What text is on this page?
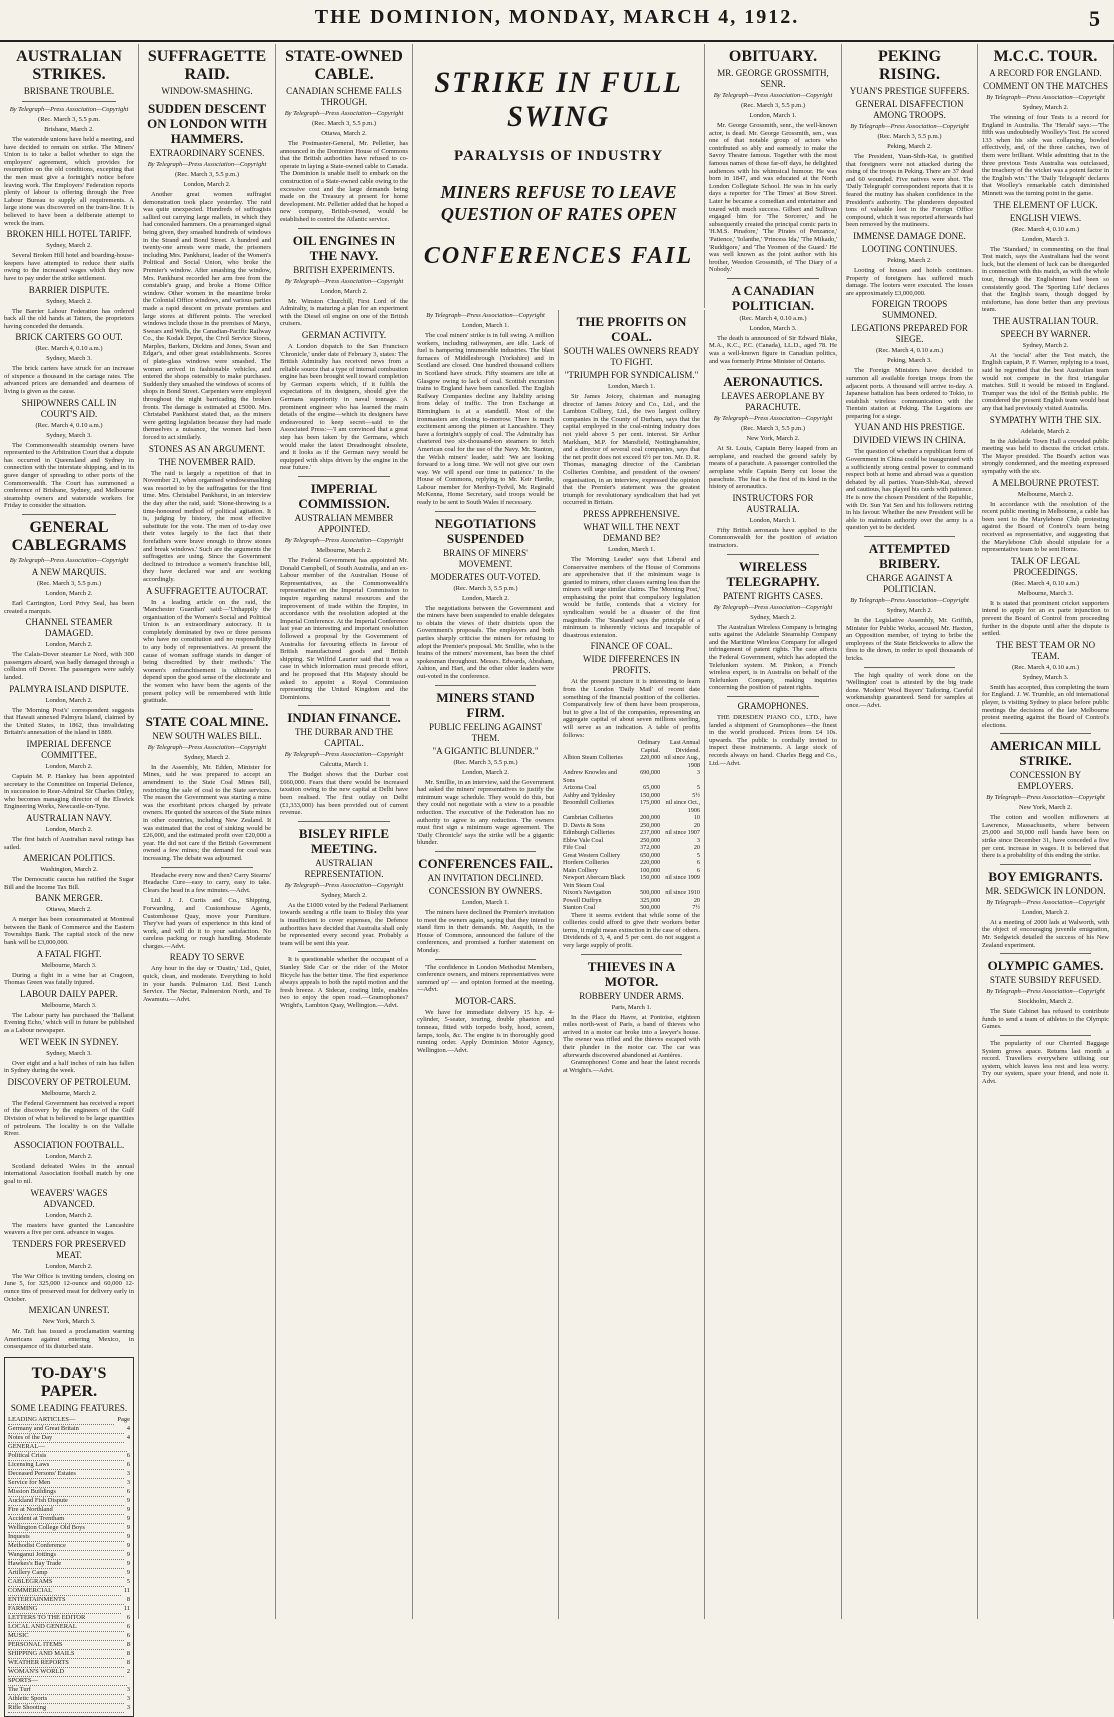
THE DOMINION, MONDAY, MARCH 4, 1912.	5
AUSTRALIAN STRIKES.
BRISBANE TROUBLE.
By Telegraph—Press Association—Copyright
(Rec. March 3, 5.5 p.m.
Brisbane, March 2.

The waterside unions have held a meeting, and have decided to remain on strike. The Miners' Union is to take a ballot whether to sign the employers' agreement, which provides for resumption on the old conditions, excepting that the men must give a fortnight's notice before leaving work. The Employers' Federation reports plenty of labour is offering through the Free Labour Bureau to supply all requirements. A large stone was discovered on the tram-line. It is believed to have been a deliberate attempt to wreck the tram.

BROKEN HILL HOTEL TARIFF.
Sydney, March 2.

Several Broken Hill hotel and boarding-house-keepers have attempted to reduce their staffs owing to the increased wages which they now have to pay under the strike settlement.

BARRIER DISPUTE.
Sydney, March 2.

The Barrier Labour Federation has ordered back all the old hands at Tatters, the proprietors having conceded the demands.

BRICK CARTERS GO OUT.
(Rec. March 4, 0.10 a.m.)
Sydney, March 3.

The brick carters have struck for an increase of sixpence a thousand in the cartage rates. The advanced prices are demanded and dearness of living is given as the cause.

SHIPOWNERS CALL IN COURT'S AID.
(Rec. March 4, 0.10 a.m.)
Sydney, March 3.

The Commonwealth steamship owners have represented to the Arbitration Court that a dispute has occurred in Queensland and Sydney in connection with the interstate shipping, and in its grave danger of spreading to other ports of the Commonwealth. The Court has summoned a conference of Brisbane, Sydney, and Melbourne steamship owners and waterside workers for Friday to consider the situation.

GENERAL CABLEGRAMS
By Telegraph—Press Association—Copyright
A NEW MARQUIS.
(Rec. March 3, 5.5 p.m.)
London, March 2.

Earl Carrington, Lord Privy Seal, has been created a marquis.

CHANNEL STEAMER DAMAGED.
London, March 2.

The Calais-Dover steamer Le Nord, with 300 passengers aboard, was badly damaged through a collision off Dover. The passengers were safely landed.

PALMYRA ISLAND DISPUTE.
London, March 2.

The 'Morning Post's' correspondent suggests that Hawaii annexed Palmyra Island, claimed by the United States, in 1862, thus invalidating Britain's annexation of the island in 1889.

IMPERIAL DEFENCE COMMITTEE.
London, March 2.

Captain M. P. Hankey has been appointed secretary to the Committee on Imperial Defence, in succession to Rear-Admiral Sir Charles Ottley, who becomes managing director of the Elswick Engineering Works, Newcastle-on-Tyne.

AUSTRALIAN NAVY.
London, March 2.

The first batch of Australian naval ratings has sailed.

AMERICAN POLITICS.
Washington, March 2.

The Democratic caucus has ratified the Sugar Bill and the Income Tax Bill.

BANK MERGER.
Ottawa, March 2.

A merger has been consummated at Montreal between the Bank of Commerce and the Eastern Townships Bank. The capital stock of the new bank will be £3,000,000.

A FATAL FIGHT.
Melbourne, March 3.

During a fight in a wine bar at Cragoon, Thomas Green was fatally injured.

LABOUR DAILY PAPER.
Melbourne, March 3.

The Labour party has purchased the 'Ballarat Evening Echo,' which will in future be published as a Labour newspaper.

WET WEEK IN SYDNEY.
Sydney, March 3.

Over eight and a half inches of rain has fallen in Sydney during the week.

DISCOVERY OF PETROLEUM.
Melbourne, March 2.

The Federal Government has received a report of the discovery by the engineers of the Gulf Division of what is believed to be large quantities of petroleum. The locality is on the Vallalie River.

ASSOCIATION FOOTBALL.
London, March 2.

Scotland defeated Wales in the annual international Association football match by one goal to nil.

WEAVERS' WAGES ADVANCED.
London, March 2.

The masters have granted the Lancashire weavers a five per cent. advance in wages.

TENDERS FOR PRESERVED MEAT.
London, March 2.

The War Office is inviting tenders, closing on June 5, for 325,000 12-ounce and 60,000 12-ounce tins of preserved meat for delivery early in October.

MEXICAN UNREST.
New York, March 3.

Mr. Taft has issued a proclamation warning Americans against entering Mexico, in consequence of its disturbed state.

TO-DAY'S PAPER.
SOME LEADING FEATURES.
LEADING ARTICLES—	Page
Germany and Great Britain	4
Notes of the Day	4
GENERAL—
Political Crisis	6
Licensing Laws	6
Deceased Persons' Estates	3
Service for Men	3
Mission Buildings	6
Auckland Fish Dispute	9
Fire at Northland	9
Accident at Trentham	9
Wellington College Old Boys	9
Inquests	9
Methodist Conference	9
Wanganui Jottings	9
Hawkes's Bay Trade	9
Artillery Camp	9
CABLEGRAMS	5
COMMERCIAL	11
ENTERTAINMENTS	8
FARMING	11
LETTERS TO THE EDITOR	6
LOCAL AND GENERAL	6
MUSIC	6
PERSONAL ITEMS	8
SHIPPING AND MAILS	8
WEATHER REPORTS	8
WOMAN'S WORLD	2
SPORTS—
The Turf	3
Athletic Sports	3
Rifle Shooting	3
SUFFRAGETTE RAID.
WINDOW-SMASHING.
SUDDEN DESCENT ON LONDON WITH HAMMERS.
EXTRAORDINARY SCENES.
By Telegraph—Press Association—Copyright
(Rec. March 3, 5.5 p.m.)
London, March 2.

Another great women suffragist demonstration took place yesterday. The raid was quite unexpected. Hundreds of suffragists sallied out carrying large mallets, in which they had concealed hammers. On a prearranged signal being given, they smashed hundreds of windows in the Strand and Bond Street. A hundred and twenty-one arrests were made, the prisoners including Mrs. Pankhurst, leader of the Women's Political and Social Union, who broke the Premier's window. After smashing the window, Mrs. Pankhurst recorded her arm free from the constable's grasp, and broke a Home Office window. Other women in the meantime broke the Colonial Office windows, and various parties made a rapid descent on private premises and large stores at different points. The wrecked windows include those in the premises of Marys, Swears and Wells, the Canadian-Pacific Railway Co., the Kodak Depot, the Civil Service Stores, Marples, Barkers, Dickins and Jones, Swan and Edgar's, and other great establishments. Scores of plate-glass windows were smashed. The women arrived in fashionable vehicles, and entered the shops ostensibly to make purchases. Suddenly they smashed the windows of scores of shops in Bond Street. Carpenters were employed throughout the night barricading the broken fronts. The damage is estimated at £5000. Mrs. Christabel Pankhurst stated that, as the miners were getting legislation because they had made themselves a nuisance, the women had been forced to act similarly.

STONES AS AN ARGUMENT.
THE NOVEMBER RAID.

The raid is largely a repetition of that in November 21, when organised windowsmashing was resorted to by the suffragettes for the first time. Mrs. Christabel Pankhurst, in an interview the day after the raid, said: 'Stone-throwing is a time-honoured method of political agitation. It is, judging by history, the most effective substitute for the vote. The men of to-day owe their votes largely to the fact that their forefathers were brave enough to throw stones and break windows.' Such are the arguments the suffragettes are using. Since the Government declined to introduce a women's franchise bill, they have declared war and are working accordingly.

A SUFFRAGETTE AUTOCRAT.

In a leading article on the raid, the 'Manchester Guardian' said:—'Unhappily the organisation of the Women's Social and Political Union is an extraordinary autocracy. It is completely dominated by two or three persons who have no constitution and no responsibility to any body of representatives. At present the cause of woman suffrage stands in danger of being discredited by their methods.' The women's enfranchisement is ultimately to depend upon the good sense of the electorate and the women who have been the agents of the present policy will be remembered with little gratitude.

STATE COAL MINE.
NEW SOUTH WALES BILL.
By Telegraph—Press Association—Copyright
Sydney, March 2.

In the Assembly, Mr. Edden, Minister for Mines, said he was prepared to accept an amendment to the State Coal Mines Bill, restricting the sale of coal to the State services. The reason the Government was starting a mine was the exorbitant prices charged by private owners. He quoted the sources of the State mines in other countries, including New Zealand. It was estimated that the cost of sinking would be £26,000, and the estimated profit over £20,000 a year. He did not care if the British Government owned a few mines; the demand for coal was increasing. The debate was adjourned.

Headache every now and then? Carry Stearns' Headache Cure—easy to carry, easy to take. Clears the head in a few minutes.—Advt.

Ltd. J. J. Curtis and Co., Shipping, Forwarding, and Customhouse Agents, Customhouse Quay, move your Furniture. They've had years of experience in this kind of work, and will do it to your satisfaction. No careless packing or rough handling. Moderate charges.—Advt.

READY TO SERVE

Any hour in the day or 'Dustin,' Ltd., Quiet, quick, clean, and moderate. Everything to hold in your hands. Pulmaron Ltd. Best Lunch Service. The Nectar, Palmerston North, and Te Awamutu.—Advt.

STATE-OWNED CABLE.
CANADIAN SCHEME FALLS THROUGH.
By Telegraph—Press Association—Copyright
(Rec. March 3, 5.5 p.m.)
Ottawa, March 2.

The Postmaster-General, Mr. Pelletier, has announced in the Dominion House of Commons that the British authorities have refused to co-operate in laying a State-owned cable to Canada. The Dominion is unable itself to embark on the construction of a State-owned cable owing to the excessive cost and the large demands being made on the Treasury at present for home development. Mr. Pelletier added that he hoped a new company, British-owned, would be established to control the Atlantic service.

OIL ENGINES IN THE NAVY.
BRITISH EXPERIMENTS.
By Telegraph—Press Association—Copyright
London, March 2.

Mr. Winston Churchill, First Lord of the Admiralty, is maturing a plan for an experiment with the Diesel oil engine on one of the British cruisers.

GERMAN ACTIVITY.

A London dispatch to the San Francisco 'Chronicle,' under date of February 3, states: The British Admiralty has received news from a reliable source that a type of internal combustion engine has been brought well toward completion by German experts which, if it fulfils the expectations of its designers, should give the Germans superiority in naval tonnage. A prominent engineer who has learned the main details of the engine—which its designers have endeavoured to keep secret—said to the Associated Press:—'I am convinced that a great step has been taken by the Germans, which would make the latest Dreadnought obsolete, and it looks as if the German navy would be equipped with ships driven by the engine in the near future.'

IMPERIAL COMMISSION.
AUSTRALIAN MEMBER APPOINTED.
By Telegraph—Press Association—Copyright
Melbourne, March 2.

The Federal Government has appointed Mr. Donald Campbell, of South Australia, and an ex-Labour member of the Australian House of Representatives, as the Commonwealth's representative on the Imperial Commission to inquire regarding natural resources and the improvement of trade within the Empire, in accordance with the resolution adopted at the Imperial Conference. At the Imperial Conference last year an interesting and important resolution followed a proposal by the Government of Australia for favouring effects in favour of British manufactured goods and British shipping. Sir Wilfrid Laurier said that it was a case in which information must precede effort, and he proposed that His Majesty should be asked to appoint a Royal Commission representing the United Kingdom and the Dominions.

INDIAN FINANCE.
THE DURBAR AND THE CAPITAL.
By Telegraph—Press Association—Copyright
Calcutta, March 1.

The Budget shows that the Durbar cost £660,000. Fears that there would be increased taxation owing to the new capital at Delhi have been realised. The first outlay on Delhi (£1,333,000) has been provided out of current revenue.

BISLEY RIFLE MEETING.
AUSTRALIAN REPRESENTATION.
By Telegraph—Press Association—Copyright
Sydney, March 2.

As the £1000 voted by the Federal Parliament towards sending a rifle team to Bisley this year is insufficient to cover expenses, the Defence authorities have decided that Australia shall only be represented every second year. Probably a team will be sent this year.

It is questionable whether the occupant of a Stanley Side Car or the rider of the Motor Bicycle has the better time. The first experience always appeals to both the rapid motion and the fresh breeze. A Sidecar, costing little, enables two to enjoy the open road.—Gramophones? Wright's, Lambton Quay, Wellington.—Advt.

STRIKE IN FULL SWING
PARALYSIS OF INDUSTRY
MINERS REFUSE TO LEAVE QUESTION OF RATES OPEN
CONFERENCES FAIL
By Telegraph—Press Association—Copyright
London, March 1.

The coal miners' strike is in full swing. A million workers, including railwaymen, are idle. Lack of fuel is hampering innumerable industries. The blast furnaces of Middlesbrough (Yorkshire) and in Scotland are closed. One hundred thousand colliers in Scotland have struck. Fifty steamers are idle at Glasgow owing to lack of coal. Scottish excursion trains to England have been cancelled. The English Railway Companies decline any liability arising from delay of traffic. The Iron Exchange at Birmingham is at a standstill. Most of the ironmasters are closing to-morrow. There is much excitement among the pitmen at Lancashire. They have a fortnight's supply of coal. The Admiralty has chartered two six-thousand-ton steamers to fetch American coal for the use of the Navy. Mr. Stanton, the Welsh miners' leader, said: 'We are looking forward to a long time. We will not give our own way. We will spend our time in patience.' In the House of Commons, replying to Mr. Keir Hardie, Labour member for Merthyr-Tydvil, Mr. Reginald McKenna, Home Secretary, said troops would be ready to be sent to South Wales if necessary.

NEGOTIATIONS SUSPENDED
BRAINS OF MINERS' MOVEMENT.
MODERATES OUT-VOTED.
(Rec. March 3, 5.5 p.m.)
London, March 2.

The negotiations between the Government and the miners have been suspended to enable delegates to obtain the views of their districts upon the Government's proposals. The employers and both parties sharply criticise the miners for refusing to adopt the Premier's proposal. Mr. Smillie, who is the brains of the miners' movement, has been the chief spokesman throughout. Messrs. Edwards, Abraham, Ashton, and Hart, and the other older leaders were out-voted in the conference.

MINERS STAND FIRM.
PUBLIC FEELING AGAINST THEM.
"A GIGANTIC BLUNDER."
(Rec. March 3, 5.5 p.m.)
London, March 2.

Mr. Smillie, in an interview, said the Government had asked the miners' representatives to justify the minimum wage schedule. They would do this, but they could not negotiate with a view to a possible reduction. The executive of the Federation has no authority to agree to any reduction. The owners must first sign a minimum wage agreement. The 'Daily Chronicle' says the strike will be a gigantic blunder.

CONFERENCES FAIL.
AN INVITATION DECLINED.
CONCESSION BY OWNERS.
London, March 1.

The miners have declined the Premier's invitation to meet the owners again, saying that they intend to stand firm in their demands. Mr. Asquith, in the House of Commons, announced the failure of the conferences, and promised a further statement on Monday.

'The confidence in London Methodist Members, conference owners, and miners representatives were summed up' — and opinion formed at the meeting.—Advt.

MOTOR-CARS.

We have for immediate delivery 15 h.p. 4-cylinder, 5-seater, touring, double phaeton and tonneau, fitted with torpedo body, hood, screen, lamps, tools, &c. The engine is in thoroughly good running order. Apply Dominion Motor Agency, Wellington.—Advt.

THE PROFITS ON COAL.
SOUTH WALES OWNERS READY TO FIGHT.
"TRIUMPH FOR SYNDICALISM."
London, March 1.

Sir James Joicey, chairman and managing director of James Joicey and Co., Ltd., and the Lambton Colliery, Ltd., the two largest colliery companies in the County of Durham, says that the capital employed in the coal-mining industry does not yield above 5 per cent. interest. Sir Arthur Markham, M.P. for Mansfield, Nottinghamshire, and a director of several coal companies, says that the net profit does not exceed 6½ per ton. Mr. D. R. Thomas, managing director of the Cambrian Collieries Combine, and president of the owners' organisation, in an interview, expressed the opinion that the Premier's statement was the greatest triumph for revolutionary syndicalism that had yet occurred in Britain.

PRESS APPREHENSIVE.
WHAT WILL THE NEXT DEMAND BE?
London, March 1.

The 'Morning Leader' says that Liberal and Conservative members of the House of Commons are apprehensive that if the minimum wage is granted to miners, other classes earning less than the miners will urge similar claims. The 'Morning Post,' emphasising the point that compulsory legislation would be futile, contends that a victory for syndicalism would be a disaster of the first magnitude. The 'Standard' says the principle of a minimum is inherently vicious and incapable of disastrous extension.

FINANCE OF COAL.
WIDE DIFFERENCES IN PROFITS.

At the present juncture it is interesting to learn from the London 'Daily Mail' of recent date something of the financial position of the collieries. Comparatively few of them have been prosperous, but to give a list of the companies, representing an aggregate capital of about seven millions sterling, will serve as an indication. A table of profits follows:

	Ordinary Capital.	Last Annual Dividend.
Albion Steam Collieries	220,000	nil since Aug., 1908
Andrew Knowles and Sons	690,000	3
Arizona Coal	65,000	5
Ashby and Tyldesley	150,000	5½
Broomhill Collieries	175,000	nil since Oct., 1906
Cambrian Collieries	200,000	10
D. Davis & Sons	250,000	20
Edinburgh Collieries	237,000	nil since 1907
Ebbw Vale Coal	250,000	3
Fife Coal	372,000	20
Great Western Colliery	650,000	5
Hordern Collieries	220,000	6
Main Colliery	100,000	6
Newport Abercarn Black Vein Steam Coal	150,000	nil since 1909
Nixon's Navigation	500,000	nil since 1910
Powell Duffryn	325,000	20
Stanton Coal	500,000	7½

There it seems evident that while some of the collieries could afford to give their workers better terms, it might mean extinction in the case of others. Dividends of 3, 4, and 5 per cent. do not suggest a very large supply of profit.

THIEVES IN A MOTOR.
ROBBERY UNDER ARMS.
Paris, March 1.

In the Place du Havre, at Pontoise, eighteen miles north-west of Paris, a band of thieves who arrived in a motor car broke into a lawyer's house. The owner was rifled and the thieves escaped with their plunder in the motor car. The car was afterwards discovered abandoned at Asnières.

Gramophones! Come and hear the latest records at Wright's.—Advt.

OBITUARY.
MR. GEORGE GROSSMITH, SENR.
By Telegraph—Press Association—Copyright
(Rec. March 3, 5.5 p.m.)
London, March 1.

Mr. George Grossmith, senr., the well-known actor, is dead. Mr. George Grossmith, sen., was one of that notable group of actors who contributed so ably and earnestly to make the Savoy Theatre famous. Together with the most famous names of those far-off days, he delighted audiences with his whimsical humour. He was born in 1847, and was educated at the North London Collegiate School. He was in his early days a reporter for 'The Times' at Bow Street. Later he became a comedian and entertainer and toured with much success. Gilbert and Sullivan engaged him for 'The Sorcerer,' and he subsequently created the principal comic parts in 'H.M.S. Pinafore,' 'The Pirates of Penzance,' 'Patience,' 'Iolanthe,' 'Princess Ida,' 'The Mikado,' 'Ruddigore,' and 'The Yeomen of the Guard.' He was well known as the joint author with his brother, Weedon Grossmith, of 'The Diary of a Nobody.'

A CANADIAN POLITICIAN.
(Rec. March 4, 0.10 a.m.)
London, March 3.

The death is announced of Sir Edward Blake, M.A., K.C., P.C. (Canada), LL.D., aged 78. He was a well-known figure in Canadian politics, and was formerly Prime Minister of Ontario.

AERONAUTICS.
LEAVES AEROPLANE BY PARACHUTE.
By Telegraph—Press Association—Copyright
(Rec. March 3, 5.5 p.m.)
New York, March 2.

At St. Louis, Captain Berry leaped from an aeroplane, and reached the ground safely by means of a parachute. A passenger controlled the aeroplane while Captain Berry cut loose the parachute. The feat is the first of its kind in the history of aeronautics.

INSTRUCTORS FOR AUSTRALIA.
London, March 1.

Fifty British aeronauts have applied to the Commonwealth for the position of aviation instructors.

WIRELESS TELEGRAPHY.
PATENT RIGHTS CASES.
By Telegraph—Press Association—Copyright
Sydney, March 2.

The Australian Wireless Company is bringing suits against the Adelaide Steamship Company and the Maritime Wireless Company for alleged infringement of patent rights. The case affects the Federal Government, which has adopted the Telefunken system. M. Pinkon, a French wireless expert, is in Australia on behalf of the Telefunken Company, making inquiries concerning the position of patent rights.

GRAMOPHONES.

THE DRESDEN PIANO CO., LTD., have landed a shipment of Gramophones—the finest in the world produced. Prices from £4 10s. upwards. The public is cordially invited to inspect these instruments. A large stock of records always on hand. Charles Begg and Co., Ltd.—Advt.

PEKING RISING.
YUAN'S PRESTIGE SUFFERS.
GENERAL DISAFFECTION AMONG TROOPS.
By Telegraph—Press Association—Copyright
(Rec. March 3, 5.5 p.m.)
Peking, March 2.

The President, Yuan-Shih-Kai, is gratified that foreigners were not attacked during the rising of the troops in Peking. There are 37 dead and 60 wounded. Five natives were shot. The 'Daily Telegraph' correspondent reports that it is feared the mutiny has shaken confidence in the President's authority. The plunderers deposited tons of valuable loot in the Foreign Office compound, which it was reported afterwards had been removed by the mutineers.

IMMENSE DAMAGE DONE.
LOOTING CONTINUES.
Peking, March 2.

Looting of houses and hotels continues. Property of foreigners has suffered much damage. The looters were executed. The losses are approximately £3,000,000.

FOREIGN TROOPS SUMMONED.
LEGATIONS PREPARED FOR SIEGE.
(Rec. March 4, 0.10 a.m.)
Peking, March 3.

The Foreign Ministers have decided to summon all available foreign troops from the adjacent ports. A thousand will arrive to-day. A Japanese battalion has been ordered to Tokio, to establish wireless communication with the Tientsin station at Peking. The Legations are preparing for a siege.

YUAN AND HIS PRESTIGE.
DIVIDED VIEWS IN CHINA.

The question of whether a republican form of Government in China could be inaugurated with a sufficiently strong central power to command respect both at home and abroad was a question debated by all parties. Yuan-Shih-Kai, shrewd and cautious, has played his cards with patience. He is now the chosen President of the Republic, with Dr. Sun Yat Sen and his followers retiring in his favour. Whether the new President will be able to maintain authority over the army is a question yet to be decided.

ATTEMPTED BRIBERY.
CHARGE AGAINST A POLITICIAN.
By Telegraph—Press Association—Copyright
Sydney, March 2.

In the Legislative Assembly, Mr. Griffith, Minister for Public Works, accused Mr. Haxton, an Opposition member, of trying to bribe the employees of the State Brickworks to allow the fires to die down, in order to spoil thousands of bricks.

The high quality of work done on the 'Wellington' coat is attested by the big trade done. 'Modern' Wool Buyers' Tailoring. Careful workmanship guaranteed. Send for samples at once.—Advt.

M.C.C. TOUR.
A RECORD FOR ENGLAND.
COMMENT ON THE MATCHES
By Telegraph—Press Association—Copyright
Sydney, March 2.

The winning of four Tests is a record for England in Australia. The 'Herald' says:—'The fifth was undoubtedly Woolley's Test. He scored 133 when his side was collapsing, bowled effectively, and, of the three catches, two of them were brilliant. While admitting that in the three previous Tests Australia was outclassed, the treachery of the wicket was a potent factor in the English win.' The 'Daily Telegraph' declares that Woolley's remarkable catch diminished Minnett was the turning point in the game.

THE ELEMENT OF LUCK.
ENGLISH VIEWS.
(Rec. March 4, 0.10 a.m.)
London, March 3.

The 'Standard,' in commenting on the final Test match, says the Australians had the worst luck, but the element of luck can be disregarded in connection with this match, as with the whole tour, through the Englishmen had been so consistently good. The 'Sporting Life' declares that the English team, though dogged by misfortune, has done better than any previous team.

THE AUSTRALIAN TOUR.
SPEECH BY WARNER.
Sydney, March 2.

At the 'social' after the Test match, the English captain, P. F. Warner, replying to a toast, said he regretted that the best Australian team would not compete in the first triangular matches. Still it would be missed in England. Trumper was the idol of the British public. He considered the present English team would beat any that had previously visited Australia.

SYMPATHY WITH THE SIX.
Adelaide, March 2.

In the Adelaide Town Hall a crowded public meeting was held to discuss the cricket crisis. The Mayor presided. The Board's action was strongly condemned, and the meeting expressed sympathy with the six.

A MELBOURNE PROTEST.
Melbourne, March 2.

In accordance with the resolution of the recent public meeting in Melbourne, a cable has been sent to the Marylebone Club protesting against the Board of Control's team being received as representative, and suggesting that the Marylebone Club should stipulate for a representative team to be sent Home.

TALK OF LEGAL PROCEEDINGS.
(Rec. March 4, 0.10 a.m.)
Melbourne, March 3.

It is stated that prominent cricket supporters intend to apply for an ex parte injunction to prevent the Board of Control from proceeding further in the dispute until after the dispute is settled.

THE BEST TEAM OR NO TEAM.
(Rec. March 4, 0.10 a.m.)
Sydney, March 3.

Smith has accepted, thus completing the team for England. J. W. Trumble, an old international player, is visiting Sydney to place before public meetings the decisions of the late Melbourne protest meeting against the Board of Control's elections.

AMERICAN MILL STRIKE.
CONCESSION BY EMPLOYERS.
By Telegraph—Press Association—Copyright
New York, March 2.

The cotton and woollen millowners at Lawrence, Massachusetts, where between 25,000 and 30,000 mill hands have been on strike since December 31, have conceded a five per cent. increase in wages. It is believed that there is a probability of this ending the strike.

BOY EMIGRANTS.
MR. SEDGWICK IN LONDON.
By Telegraph—Press Association—Copyright
London, March 2.

At a meeting of 2000 lads at Walworth, with the object of encouraging juvenile emigration, Mr. Sedgwick detailed the success of his New Zealand experiment.

OLYMPIC GAMES.
STATE SUBSIDY REFUSED.
By Telegraph—Press Association—Copyright
Stockholm, March 2.

The State Cabinet has refused to contribute funds to send a team of athletes to the Olympic Games.

The popularity of our Cherried Baggage System grows apace. Returns last month a record. Travellers everywhere utilising our system, which leaves less rest and less worry. Try our system, spare your friend, and note it. Advt.
